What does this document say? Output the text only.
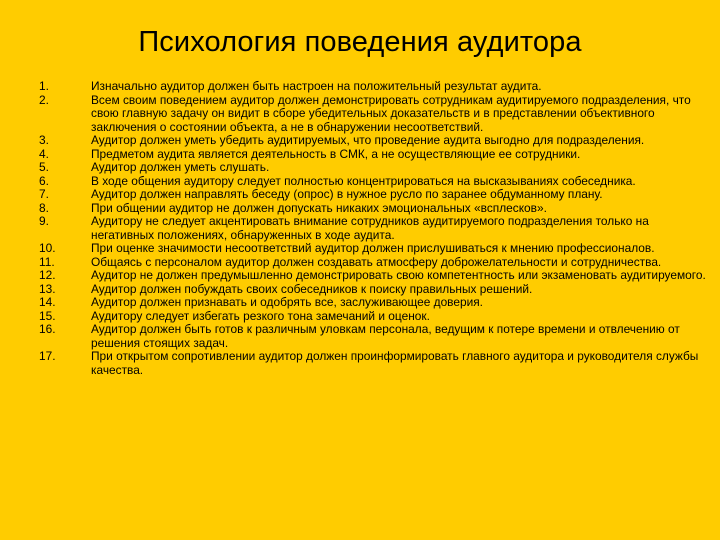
Психология поведения аудитора
1.	Изначально аудитор должен быть настроен на положительный результат аудита.
2.	Всем своим поведением аудитор должен демонстрировать сотрудникам аудитируемого подразделения, что свою главную задачу он видит в сборе убедительных доказательств и в представлении объективного заключения о состоянии объекта, а не в обнаружении несоответствий.
3.	Аудитор должен уметь убедить аудитируемых, что проведение аудита выгодно для подразделения.
4.	Предметом аудита является деятельность в СМК, а не осуществляющие ее сотрудники.
5.	Аудитор должен уметь слушать.
6.	В ходе общения аудитору следует полностью концентрироваться на высказываниях собеседника.
7.	Аудитор должен направлять беседу (опрос) в нужное русло по заранее обдуманному плану.
8.	При общении аудитор не должен допускать никаких эмоциональных «всплесков».
9.	Аудитору не следует акцентировать внимание сотрудников аудитируемого подразделения только на негативных положениях, обнаруженных в ходе аудита.
10.	При оценке значимости несоответствий аудитор должен прислушиваться к мнению профессионалов.
11.	Общаясь с персоналом аудитор должен создавать атмосферу доброжелательности и сотрудничества.
12.	Аудитор не должен предумышленно демонстрировать свою компетентность или экзаменовать аудитируемого.
13.	Аудитор должен побуждать своих собеседников к поиску правильных решений.
14.	Аудитор должен признавать и одобрять все, заслуживающее доверия.
15.	Аудитору следует избегать резкого тона замечаний и оценок.
16.	Аудитор должен быть готов к различным уловкам персонала, ведущим к потере времени и отвлечению от решения стоящих задач.
17.	При открытом сопротивлении аудитор должен проинформировать главного аудитора и руководителя службы качества.
